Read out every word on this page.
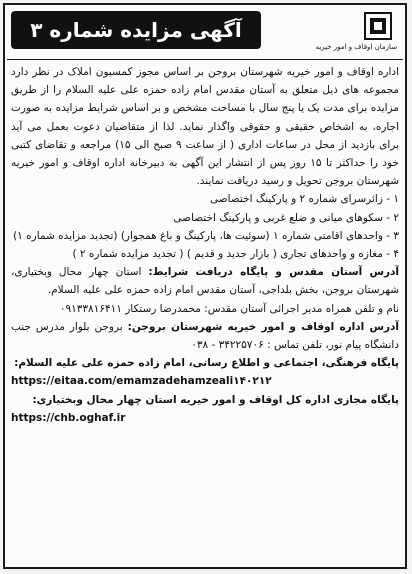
آگهی مزایده شماره ۳
سازمان اوقاف و امور خیریه

اداره اوقاف و امور خیریه شهرستان بروجن بر اساس مجوز کمسیون املاک در نظر دارد مجموعه های ذیل متعلق به آستان مقدس امام زاده حمزه علی علیه السلام را از طریق مزایده برای مدت یک یا پنج سال با مساحت مشخص و بر اساس شرایط مزایده به صورت اجاره، به اشخاص حقیقی و حقوقی واگذار نماید. لذا از متقاضیان دعوت بعمل می آید برای بازدید از محل در ساعات اداری ( از ساعت ۹ صبح الی ۱۵) مراجعه و تقاضای کتبی خود را حداکثر تا ۱۵ روز پس از انتشار این آگهی به دبیرخانه اداره اوقاف و امور خیریه شهرستان بروجن تحویل و رسید دریافت نمایند.

۱ - زائرسرای شماره ۲ و پارکینگ اختصاصی

۲ - سکوهای میانی و ضلع غربی و پارکینگ اختصاصی

۳ - واحدهای اقامتی شماره ۱ (سوئیت ها، پارکینگ و باغ همجوار) (تجدید مزایده شماره ۱)

۴ - مغازه و واحدهای تجاری ( بازار جدید و قدیم ) ( تجدید مزایده شماره ۲ )

آدرس آستان مقدس و پایگاه دریافت شرایط: استان چهار محال وبختیاری، شهرستان بروجن، بخش بلداجی، آستان مقدس امام زاده حمزه علی علیه السلام.

نام و تلفن همراه مدیر اجرائی آستان مقدس: محمدرضا رستکار ۰۹۱۳۳۸۱۶۴۱۱

آدرس اداره اوقاف و امور خیریه شهرستان بروجن: بروجن بلوار مدرس جنب دانشگاه پیام نور، تلفن تماس : ۳۴۲۲۵۷۰۶ - ۰۳۸

پایگاه فرهنگی، اجتماعی و اطلاع رسانی، امام زاده حمزه علی علیه السلام:

https://eitaa.com/emamzadehamzeali۱۴۰۲۱۲

پایگاه مجازی اداره کل اوقاف و امور خیریه استان چهار محال وبختیاری:

https://chb.oghaf.ir
